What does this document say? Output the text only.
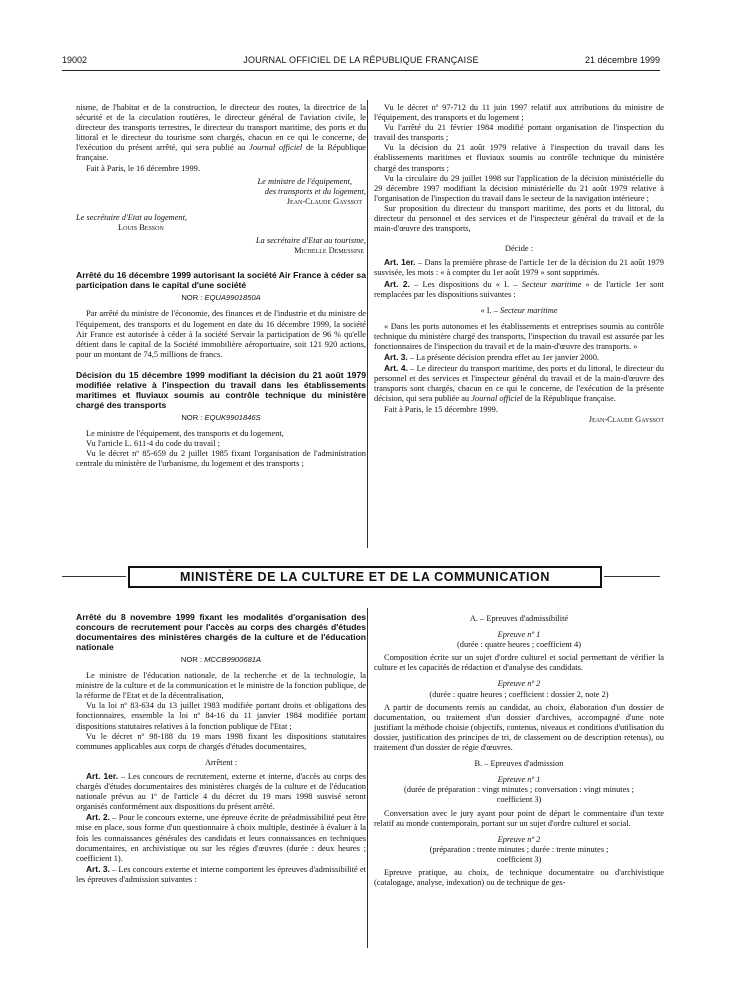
19002	JOURNAL OFFICIEL DE LA RÉPUBLIQUE FRANÇAISE	21 décembre 1999

nisme, de l'habitat et de la construction, le directeur des routes, la directrice de la sécurité et de la circulation routières, le directeur général de l'aviation civile, le directeur des transports terrestres, le directeur du transport maritime, des ports et du littoral et le directeur du tourisme sont chargés, chacun en ce qui le concerne, de l'exécution du présent arrêté, qui sera publié au Journal officiel de la République française.

Fait à Paris, le 16 décembre 1999.

Le ministre de l'équipement,

des transports et du logement,

Jean-Claude Gayssot

Le secrétaire d'Etat au logement,

Louis Besson

La secrétaire d'Etat au tourisme,

Michelle Demessine

Arrêté du 16 décembre 1999 autorisant la société Air France à céder sa participation dans le capital d'une société

NOR : EQUA9901850A

Par arrêté du ministre de l'économie, des finances et de l'industrie et du ministre de l'équipement, des transports et du logement en date du 16 décembre 1999, la société Air France est autorisée à céder à la société Servair la participation de 96 % qu'elle détient dans le capital de la Société immobilière aéroportuaire, soit 121 920 actions, pour un montant de 74,5 millions de francs.

Décision du 15 décembre 1999 modifiant la décision du 21 août 1979 modifiée relative à l'inspection du travail dans les établissements maritimes et fluviaux soumis au contrôle technique du ministère chargé des transports

NOR : EQUK9901846S

Le ministre de l'équipement, des transports et du logement,

Vu l'article L. 611-4 du code du travail ;

Vu le décret nº 85-659 du 2 juillet 1985 fixant l'organisation de l'administration centrale du ministère de l'urbanisme, du logement et des transports ;

Vu le décret nº 97-712 du 11 juin 1997 relatif aux attributions du ministre de l'équipement, des transports et du logement ;

Vu l'arrêté du 21 février 1984 modifié portant organisation de l'inspection du travail des transports ;

Vu la décision du 21 août 1979 relative à l'inspection du travail dans les établissements maritimes et fluviaux soumis au contrôle technique du ministère chargé des transports ;

Vu la circulaire du 29 juillet 1998 sur l'application de la décision ministérielle du 29 décembre 1997 modifiant la décision ministérielle du 21 août 1979 relative à l'organisation de l'inspection du travail dans le secteur de la navigation intérieure ;

Sur proposition du directeur du transport maritime, des ports et du littoral, du directeur du personnel et des services et de l'inspecteur général du travail et de la main-d'œuvre des transports,

Décide :

Art. 1er. – Dans la première phrase de l'article 1er de la décision du 21 août 1979 susvisée, les mots : « à compter du 1er août 1979 » sont supprimés.

Art. 2. – Les dispositions du « I. – Secteur maritime » de l'article 1er sont remplacées par les dispositions suivantes :

« I. – Secteur maritime

« Dans les ports autonomes et les établissements et entreprises soumis au contrôle technique du ministère chargé des transports, l'inspection du travail est assurée par les fonctionnaires de l'inspection du travail et de la main-d'œuvre des transports. »

Art. 3. – La présente décision prendra effet au 1er janvier 2000.

Art. 4. – Le directeur du transport maritime, des ports et du littoral, le directeur du personnel et des services et l'inspecteur général du travail et de la main-d'œuvre des transports sont chargés, chacun en ce qui le concerne, de l'exécution de la présente décision, qui sera publiée au Journal officiel de la République française.

Fait à Paris, le 15 décembre 1999.

Jean-Claude Gayssot

MINISTÈRE DE LA CULTURE ET DE LA COMMUNICATION

Arrêté du 8 novembre 1999 fixant les modalités d'organisation des concours de recrutement pour l'accès au corps des chargés d'études documentaires des ministères chargés de la culture et de l'éducation nationale

NOR : MCCB9900681A

Le ministre de l'éducation nationale, de la recherche et de la technologie, la ministre de la culture et de la communication et le ministre de la fonction publique, de la réforme de l'Etat et de la décentralisation,

Vu la loi nº 83-634 du 13 juillet 1983 modifiée portant droits et obligations des fonctionnaires, ensemble la loi nº 84-16 du 11 janvier 1984 modifiée portant dispositions statutaires relatives à la fonction publique de l'Etat ;

Vu le décret nº 98-188 du 19 mars 1998 fixant les dispositions statutaires communes applicables aux corps de chargés d'études documentaires,

Arrêtent :

Art. 1er. – Les concours de recrutement, externe et interne, d'accès au corps des chargés d'études documentaires des ministères chargés de la culture et de l'éducation nationale prévus au 1º de l'article 4 du décret du 19 mars 1998 susvisé seront organisés conformément aux dispositions du présent arrêté.

Art. 2. – Pour le concours externe, une épreuve écrite de préadmissibilité peut être mise en place, sous forme d'un questionnaire à choix multiple, destinée à évaluer à la fois les connaissances générales des candidats et leurs connaissances en techniques documentaires, en archivistique ou sur les régies d'œuvres (durée : deux heures ; coefficient 1).

Art. 3. – Les concours externe et interne comportent les épreuves d'admissibilité et les épreuves d'admission suivantes :

A. – Epreuves d'admissibilité

Epreuve nº 1

(durée : quatre heures ; coefficient 4)

Composition écrite sur un sujet d'ordre culturel et social permettant de vérifier la culture et les capacités de rédaction et d'analyse des candidats.

Epreuve nº 2

(durée : quatre heures ; coefficient : dossier 2, note 2)

A partir de documents remis au candidat, au choix, élaboration d'un dossier de documentation, ou traitement d'un dossier d'archives, accompagné d'une note justifiant la méthode choisie (objectifs, contenus, niveaux et conditions d'utilisation du dossier, justification des principes de tri, de classement ou de description retenus), ou traitement d'un dossier de régie d'œuvres.

B. – Epreuves d'admission

Epreuve nº 1

(durée de préparation : vingt minutes ; conversation : vingt minutes ;

coefficient 3)

Conversation avec le jury ayant pour point de départ le commentaire d'un texte relatif au monde contemporain, portant sur un sujet d'ordre culturel et social.

Epreuve nº 2

(préparation : trente minutes ; durée : trente minutes ;

coefficient 3)

Epreuve pratique, au choix, de technique documentaire ou d'archivistique (catalogage, analyse, indexation) ou de technique de ges-
